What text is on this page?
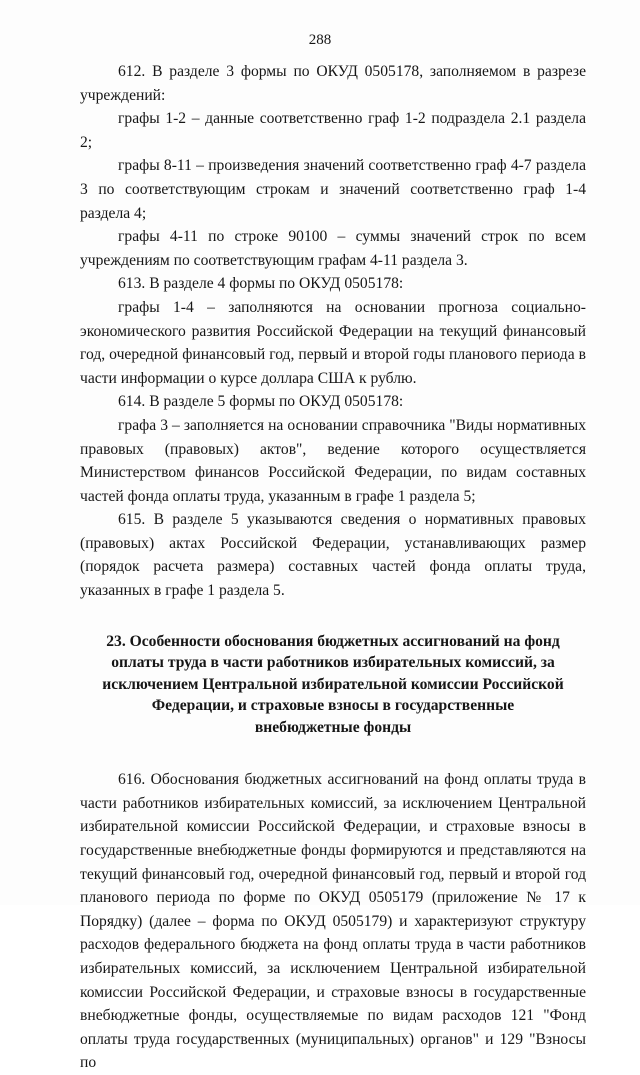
288

612. В разделе 3 формы по ОКУД 0505178, заполняемом в разрезе учреждений:

графы 1-2 – данные соответственно граф 1-2 подраздела 2.1 раздела 2;

графы 8-11 – произведения значений соответственно граф 4-7 раздела 3 по соответствующим строкам и значений соответственно граф 1-4 раздела 4;

графы 4-11 по строке 90100 – суммы значений строк по всем учреждениям по соответствующим графам 4-11 раздела 3.

613. В разделе 4 формы по ОКУД 0505178:

графы 1-4 – заполняются на основании прогноза социально-экономического развития Российской Федерации на текущий финансовый год, очередной финансовый год, первый и второй годы планового периода в части информации о курсе доллара США к рублю.

614. В разделе 5 формы по ОКУД 0505178:

графа 3 – заполняется на основании справочника "Виды нормативных правовых (правовых) актов", ведение которого осуществляется Министерством финансов Российской Федерации, по видам составных частей фонда оплаты труда, указанным в графе 1 раздела 5;

615. В разделе 5 указываются сведения о нормативных правовых (правовых) актах Российской Федерации, устанавливающих размер (порядок расчета размера) составных частей фонда оплаты труда, указанных в графе 1 раздела 5.

23. Особенности обоснования бюджетных ассигнований на фонд
оплаты труда в части работников избирательных комиссий, за
исключением Центральной избирательной комиссии Российской
Федерации, и страховые взносы в государственные
внебюджетные фонды

616. Обоснования бюджетных ассигнований на фонд оплаты труда в части работников избирательных комиссий, за исключением Центральной избирательной комиссии Российской Федерации, и страховые взносы в государственные внебюджетные фонды формируются и представляются на текущий финансовый год, очередной финансовый год, первый и второй год планового периода по форме по ОКУД 0505179 (приложение № 17 к Порядку) (далее – форма по ОКУД 0505179) и характеризуют структуру расходов федерального бюджета на фонд оплаты труда в части работников избирательных комиссий, за исключением Центральной избирательной комиссии Российской Федерации, и страховые взносы в государственные внебюджетные фонды, осуществляемые по видам расходов 121 "Фонд оплаты труда государственных (муниципальных) органов" и 129 "Взносы по
